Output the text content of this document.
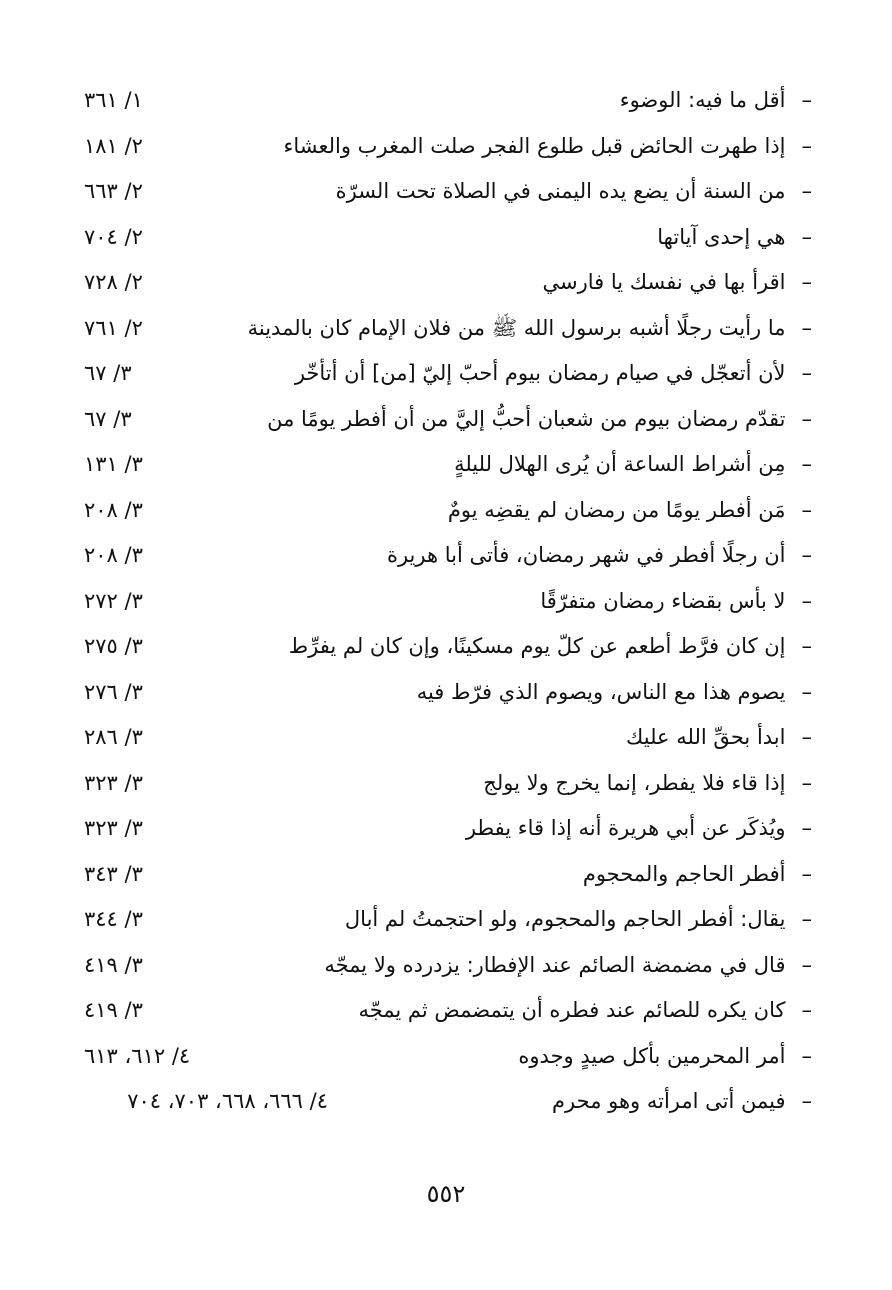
–أقل ما فيه: الوضوء
١/ ٣٦١
–إذا طهرت الحائض قبل طلوع الفجر صلت المغرب والعشاء
٢/ ١٨١
–من السنة أن يضع يده اليمنى في الصلاة تحت السرّة
٢/ ٦٦٣
–هي إحدى آياتها
٢/ ٧٠٤
–اقرأ بها في نفسك يا فارسي
٢/ ٧٢٨
–ما رأيت رجلًا أشبه برسول الله ﷺ من فلان الإمام كان بالمدينة
٢/ ٧٦١
–لأن أتعجّل في صيام رمضان بيوم أحبّ إليّ [من] أن أتأخّر
٣/ ٦٧
–تقدّم رمضان بيوم من شعبان أحبُّ إليَّ من أن أفطر يومًا من
٣/ ٦٧
–مِن أشراط الساعة أن يُرى الهلال لليلةٍ
٣/ ١٣١
–مَن أفطر يومًا من رمضان لم يقضِه يومٌ
٣/ ٢٠٨
–أن رجلًا أفطر في شهر رمضان، فأتى أبا هريرة
٣/ ٢٠٨
–لا بأس بقضاء رمضان متفرّقًا
٣/ ٢٧٢
–إن كان فرَّط أطعم عن كلّ يوم مسكينًا، وإن كان لم يفرِّط
٣/ ٢٧٥
–يصوم هذا مع الناس، ويصوم الذي فرّط فيه
٣/ ٢٧٦
–ابدأ بحقِّ الله عليك
٣/ ٢٨٦
–إذا قاء فلا يفطر، إنما يخرج ولا يولج
٣/ ٣٢٣
–ويُذكَر عن أبي هريرة أنه إذا قاء يفطر
٣/ ٣٢٣
–أفطر الحاجم والمحجوم
٣/ ٣٤٣
–يقال: أفطر الحاجم والمحجوم، ولو احتجمتُ لم أبال
٣/ ٣٤٤
–قال في مضمضة الصائم عند الإفطار: يزدرده ولا يمجّه
٣/ ٤١٩
–كان يكره للصائم عند فطره أن يتمضمض ثم يمجّه
٣/ ٤١٩
–أمر المحرمين بأكل صيدٍ وجدوه
٤/ ٦١٢، ٦١٣
–فيمن أتى امرأته وهو محرم
٤/ ٦٦٦، ٦٦٨، ٧٠٣، ٧٠٤
٥٥٢
